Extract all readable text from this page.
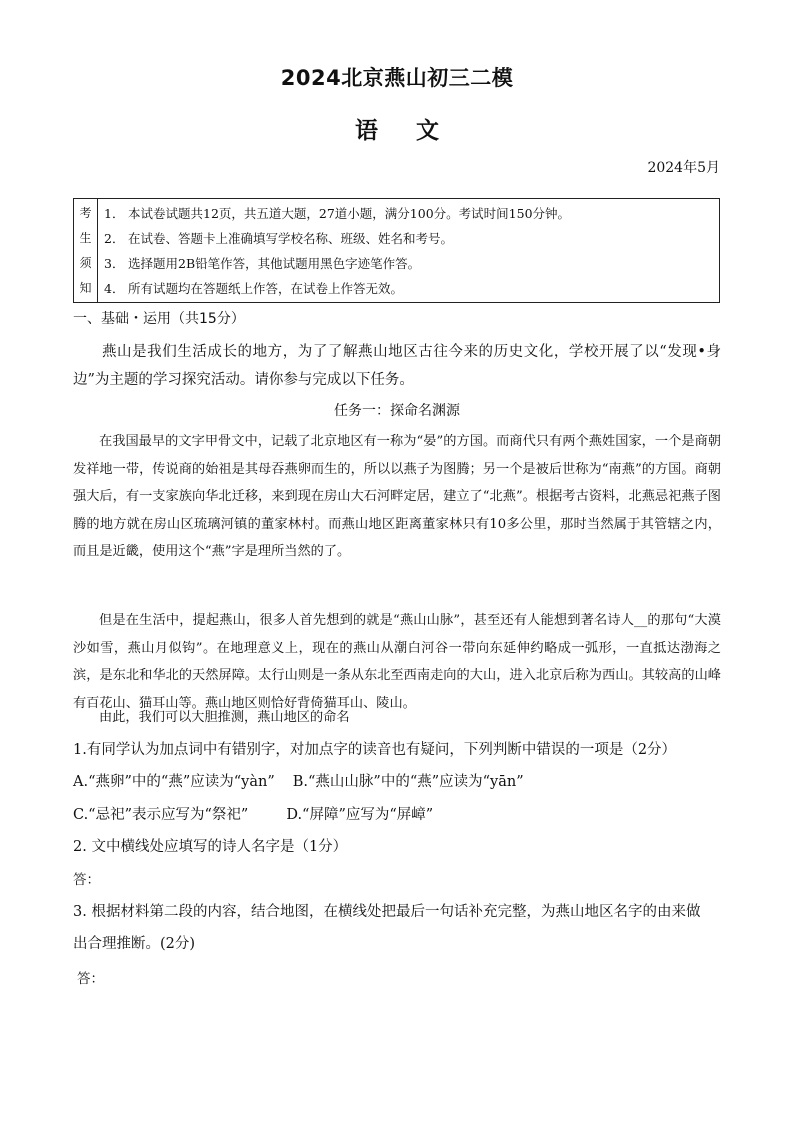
2024北京燕山初三二模
语文
2024年5月
考
生
须
知
1． 本试卷试题共12页，共五道大题，27道小题，满分100分。考试时间150分钟。
2． 在试卷、答题卡上准确填写学校名称、班级、姓名和考号。
3． 选择题用2B铅笔作答，其他试题用黑色字迹笔作答。
4． 所有试题均在答题纸上作答，在试卷上作答无效。
一、基础・运用（共15分）
燕山是我们生活成长的地方，为了了解燕山地区古往今来的历史文化，学校开展了以“发现•身边”为主题的学习探究活动。请你参与完成以下任务。
任务一：探命名渊源
在我国最早的文字甲骨文中，记载了北京地区有一称为“晏”的方国。而商代只有两个燕姓国家，一个是商朝发祥地一带，传说商的始祖是其母吞燕卵而生的，所以以燕子为图腾；另一个是被后世称为“南燕”的方国。商朝强大后，有一支家族向华北迁移，来到现在房山大石河畔定居，建立了“北燕”。根据考古资料，北燕忌祀燕子图腾的地方就在房山区琉璃河镇的董家林村。而燕山地区距离董家林只有10多公里，那时当然属于其管辖之内，而且是近畿，使用这个“燕”字是理所当然的了。
但是在生活中，提起燕山，很多人首先想到的就是“燕山山脉”，甚至还有人能想到著名诗人__的那句“大漠沙如雪，燕山月似钩”。在地理意义上，现在的燕山从潮白河谷一带向东延伸约略成一弧形，一直抵达渤海之滨，是东北和华北的天然屏障。太行山则是一条从东北至西南走向的大山，进入北京后称为西山。其较高的山峰有百花山、猫耳山等。燕山地区则恰好背倚猫耳山、陵山。
由此，我们可以大胆推测，燕山地区的命名
1.有同学认为加点词中有错别字，对加点字的读音也有疑问，下列判断中错误的一项是（2分）
A.“燕卵”中的“燕”应读为“yàn” B.“燕山山脉”中的“燕”应读为“yān”
C.“忌祀”表示应写为“祭祀”	D.“屏障”应写为“屏嶂”
2. 文中横线处应填写的诗人名字是（1分）
答：
3. 根据材料第二段的内容，结合地图，在横线处把最后一句话补充完整，为燕山地区名字的由来做
出合理推断。(2分)
答：
